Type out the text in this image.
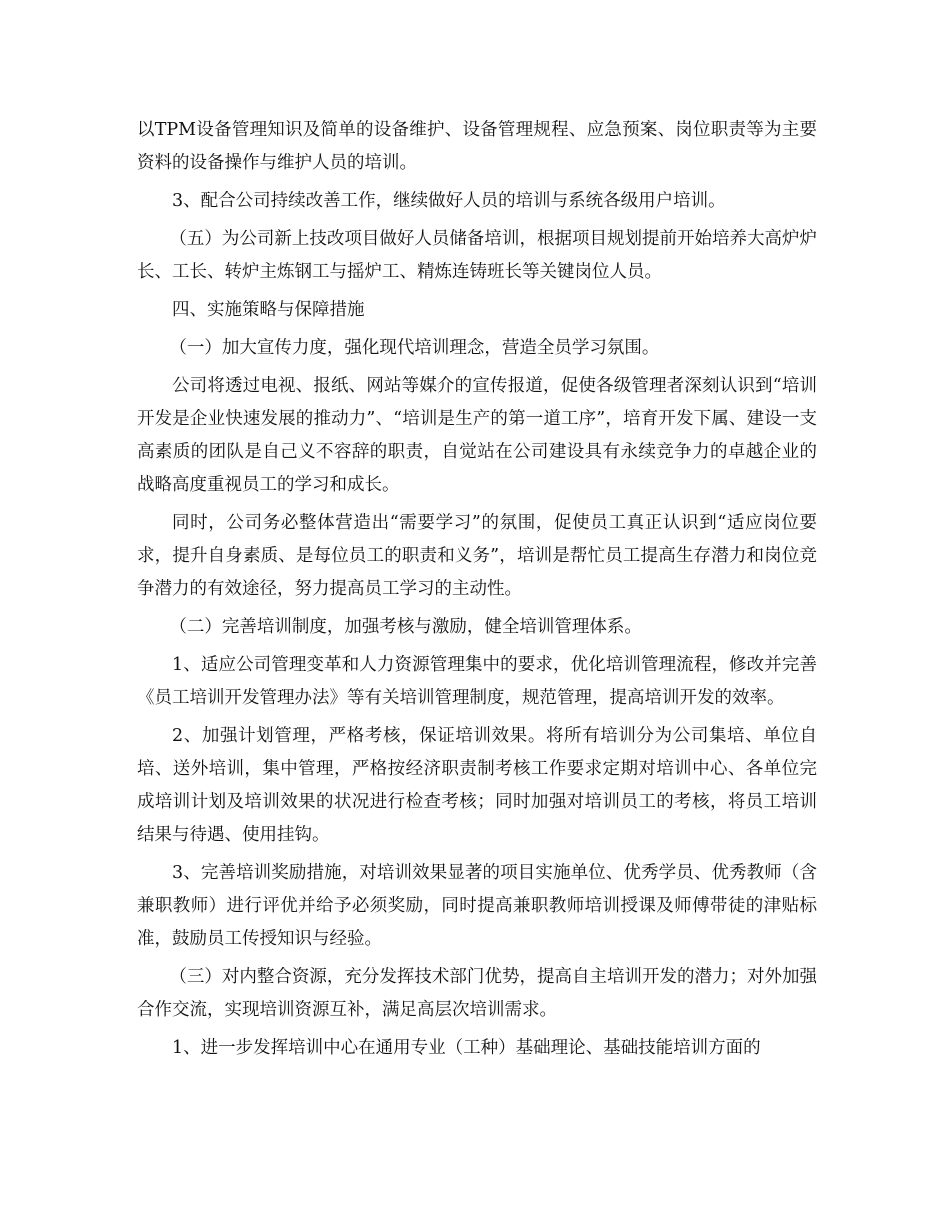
以TPM设备管理知识及简单的设备维护、设备管理规程、应急预案、岗位职责等为主要资料的设备操作与维护人员的培训。

3、配合公司持续改善工作，继续做好人员的培训与系统各级用户培训。

（五）为公司新上技改项目做好人员储备培训，根据项目规划提前开始培养大高炉炉长、工长、转炉主炼钢工与摇炉工、精炼连铸班长等关键岗位人员。

四、实施策略与保障措施

（一）加大宣传力度，强化现代培训理念，营造全员学习氛围。

公司将透过电视、报纸、网站等媒介的宣传报道，促使各级管理者深刻认识到“培训开发是企业快速发展的推动力”、“培训是生产的第一道工序”，培育开发下属、建设一支高素质的团队是自己义不容辞的职责，自觉站在公司建设具有永续竞争力的卓越企业的战略高度重视员工的学习和成长。

同时，公司务必整体营造出“需要学习”的氛围，促使员工真正认识到“适应岗位要求，提升自身素质、是每位员工的职责和义务”，培训是帮忙员工提高生存潜力和岗位竞争潜力的有效途径，努力提高员工学习的主动性。

（二）完善培训制度，加强考核与激励，健全培训管理体系。

1、适应公司管理变革和人力资源管理集中的要求，优化培训管理流程，修改并完善《员工培训开发管理办法》等有关培训管理制度，规范管理，提高培训开发的效率。

2、加强计划管理，严格考核，保证培训效果。将所有培训分为公司集培、单位自培、送外培训，集中管理，严格按经济职责制考核工作要求定期对培训中心、各单位完成培训计划及培训效果的状况进行检查考核；同时加强对培训员工的考核，将员工培训结果与待遇、使用挂钩。

3、完善培训奖励措施，对培训效果显著的项目实施单位、优秀学员、优秀教师（含兼职教师）进行评优并给予必须奖励，同时提高兼职教师培训授课及师傅带徒的津贴标准，鼓励员工传授知识与经验。

（三）对内整合资源，充分发挥技术部门优势，提高自主培训开发的潜力；对外加强合作交流，实现培训资源互补，满足高层次培训需求。

1、进一步发挥培训中心在通用专业（工种）基础理论、基础技能培训方面的
